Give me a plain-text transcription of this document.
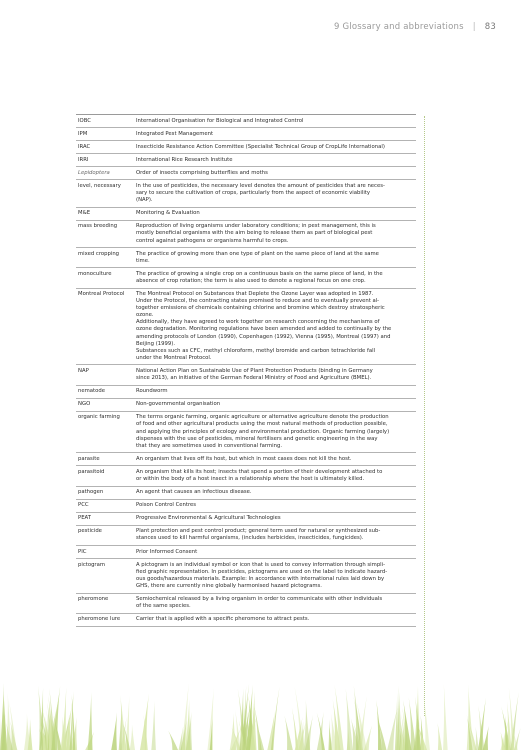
9 Glossary and abbreviations | 83
IOBC	International Organisation for Biological and Integrated Control
IPM	Integrated Pest Management
IRAC	Insecticide Resistance Action Committee (Specialist Technical Group of CropLife International)
IRRI	International Rice Research Institute
Lepidoptera	Order of insects comprising butterflies and moths
level, necessary	In the use of pesticides, the necessary level denotes the amount of pesticides that are neces-
sary to secure the cultivation of crops, particularly from the aspect of economic viability
(NAP).
M&E	Monitoring & Evaluation
mass breeding	Reproduction of living organisms under laboratory conditions; in pest management, this is
mostly beneficial organisms with the aim being to release them as part of biological pest
control against pathogens or organisms harmful to crops.
mixed cropping	The practice of growing more than one type of plant on the same piece of land at the same
time.
monoculture	The practice of growing a single crop on a continuous basis on the same piece of land, in the
absence of crop rotation; the term is also used to denote a regional focus on one crop.
Montreal Protocol	The Montreal Protocol on Substances that Deplete the Ozone Layer was adopted in 1987.
Under the Protocol, the contracting states promised to reduce and to eventually prevent al-
together emissions of chemicals containing chlorine and bromine which destroy stratospheric
ozone.
Additionally, they have agreed to work together on research concerning the mechanisms of
ozone degradation. Monitoring regulations have been amended and added to continually by the
amending protocols of London (1990), Copenhagen (1992), Vienna (1995), Montreal (1997) and
Beijing (1999).
Substances such as CFC, methyl chloroform, methyl bromide and carbon tetrachloride fall
under the Montreal Protocol.
NAP	National Action Plan on Sustainable Use of Plant Protection Products (binding in Germany
since 2013), an initiative of the German Federal Ministry of Food and Agriculture (BMEL).
nematode	Roundworm
NGO	Non-governmental organisation
organic farming	The terms organic farming, organic agriculture or alternative agriculture denote the production
of food and other agricultural products using the most natural methods of production possible,
and applying the principles of ecology and environmental production. Organic farming (largely)
dispenses with the use of pesticides, mineral fertilisers and genetic engineering in the way
that they are sometimes used in conventional farming.
parasite	An organism that lives off its host, but which in most cases does not kill the host.
parasitoid	An organism that kills its host; insects that spend a portion of their development attached to
or within the body of a host insect in a relationship where the host is ultimately killed.
pathogen	An agent that causes an infectious disease.
PCC	Poison Control Centres
PEAT	Progressive Environmental & Agricultural Technologies
pesticide	Plant protection and pest control product; general term used for natural or synthesized sub-
stances used to kill harmful organisms, (includes herbicides, insecticides, fungicides).
PIC	Prior Informed Consent
pictogram	A pictogram is an individual symbol or icon that is used to convey information through simpli-
fied graphic representation. In pesticides, pictograms are used on the label to indicate hazard-
ous goods/hazardous materials. Example: In accordance with international rules laid down by
GHS, there are currently nine globally harmonised hazard pictograms.
pheromone	Semiochemical released by a living organism in order to communicate with other individuals
of the same species.
pheromone lure	Carrier that is applied with a specific pheromone to attract pests.
